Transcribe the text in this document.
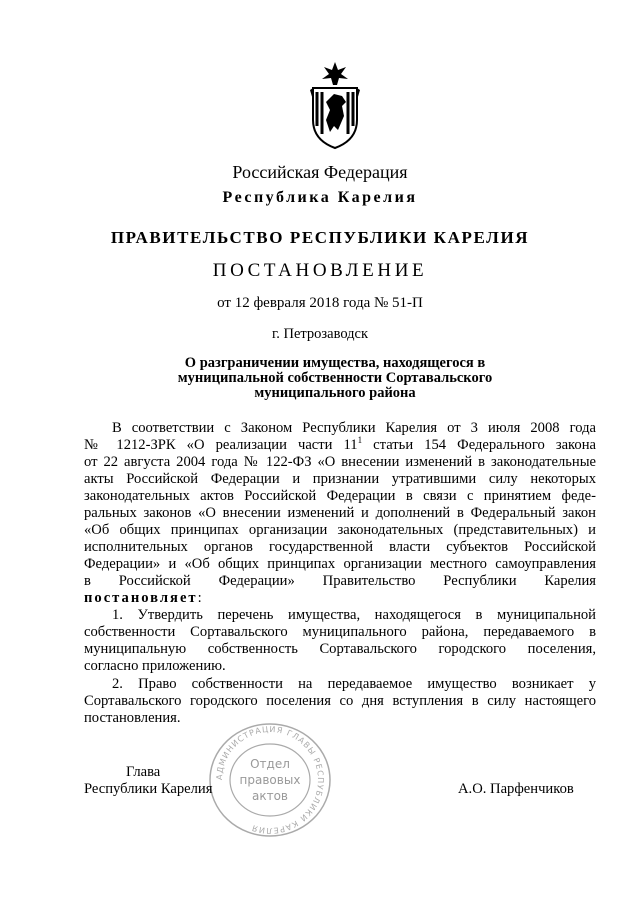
Российская Федерация
Республика Карелия
ПРАВИТЕЛЬСТВО РЕСПУБЛИКИ КАРЕЛИЯ
ПОСТАНОВЛЕНИЕ
от 12 февраля 2018 года № 51-П
г. Петрозаводск
О разграничении имущества, находящегося в
муниципальной собственности Сортавальского
муниципального района
В соответствии с Законом Республики Карелия от 3 июля 2008 года
№ 1212-ЗРК «О реализации части $11^1$ статьи 154 Федерального закона
от 22 августа 2004 года № 122-ФЗ «О внесении изменений в законодательные
акты Российской Федерации и признании утратившими силу некоторых
законодательных актов Российской Федерации в связи с принятием феде-
ральных законов «О внесении изменений и дополнений в Федеральный закон
«Об общих принципах организации законодательных (представительных) и
исполнительных органов государственной власти субъектов Российской
Федерации» и «Об общих принципах организации местного самоуправления
в Российской Федерации» Правительство Республики Карелия
постановляет:
1. Утвердить перечень имущества, находящегося в муниципальной
собственности Сортавальского муниципального района, передаваемого в
муниципальную собственность Сортавальского городского поселения,
согласно приложению.
2. Право собственности на передаваемое имущество возникает у
Сортавальского городского поселения со дня вступления в силу настоящего
постановления.
АДМИНИСТРАЦИЯ ГЛАВЫ РЕСПУБЛИКИ КАРЕЛИЯ
Отдел
правовых
актов
Глава
Республики Карелия	А.О. Парфенчиков
